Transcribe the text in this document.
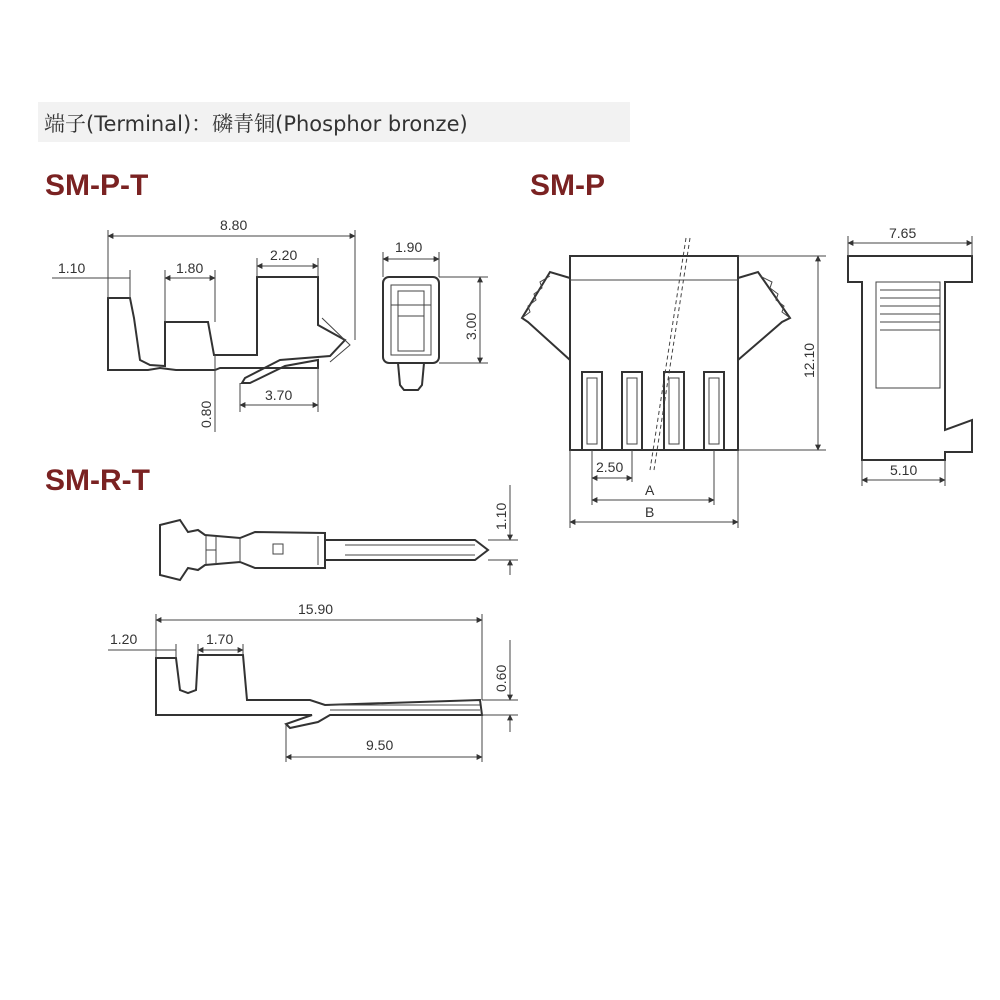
端子(Terminal)：磷青铜(Phosphor bronze)
SM-P-T
8.80
1.10	1.80
2.20
0.80
3.70
1.90
3.00
SM-R-T
1.10
15.90
1.20	1.70
0.60
9.50
SM-P
12.10
2.50
A
B
7.65
5.10
